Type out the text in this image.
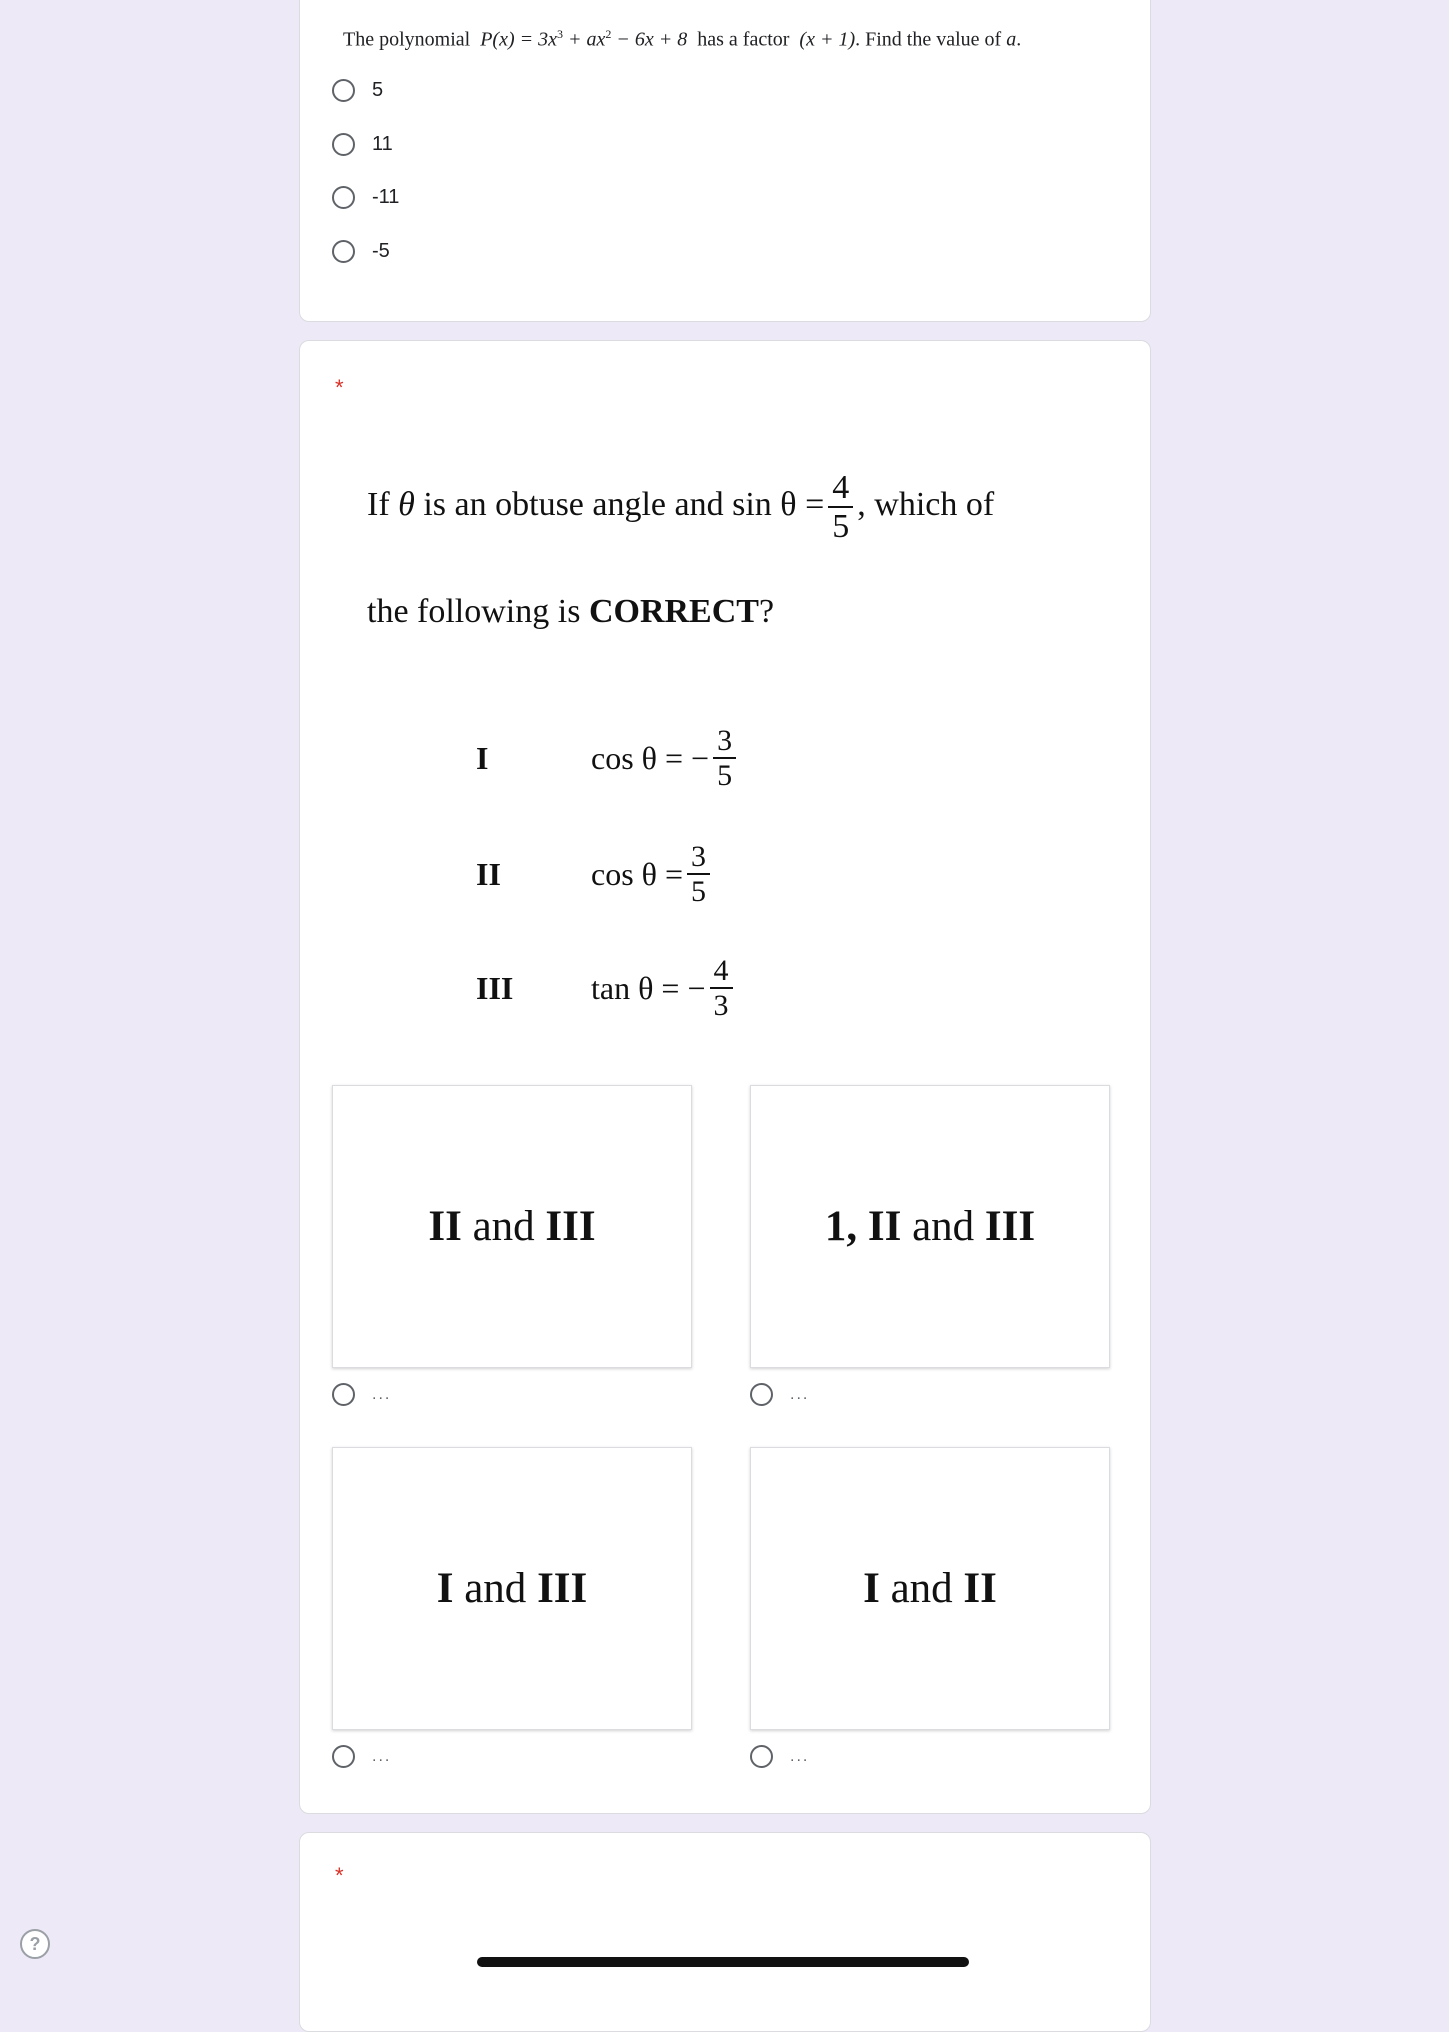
The polynomial $P(x) = 3x^3 + ax^2 - 6x + 8$ has a factor (x + 1). Find the value of a.
5
11
-11
-5
*
If θ is an obtuse angle and $\sin \theta = \frac{4}{5}$ , which of
the following is CORRECT?
I	cos θ = − $\frac{3}{5}$
II	$\cos \theta = \frac{3}{5}$
III	tan θ = − $\frac{4}{3}$
II and III	1, II and III
...	...
I and III	I and II
...	...
*
?
